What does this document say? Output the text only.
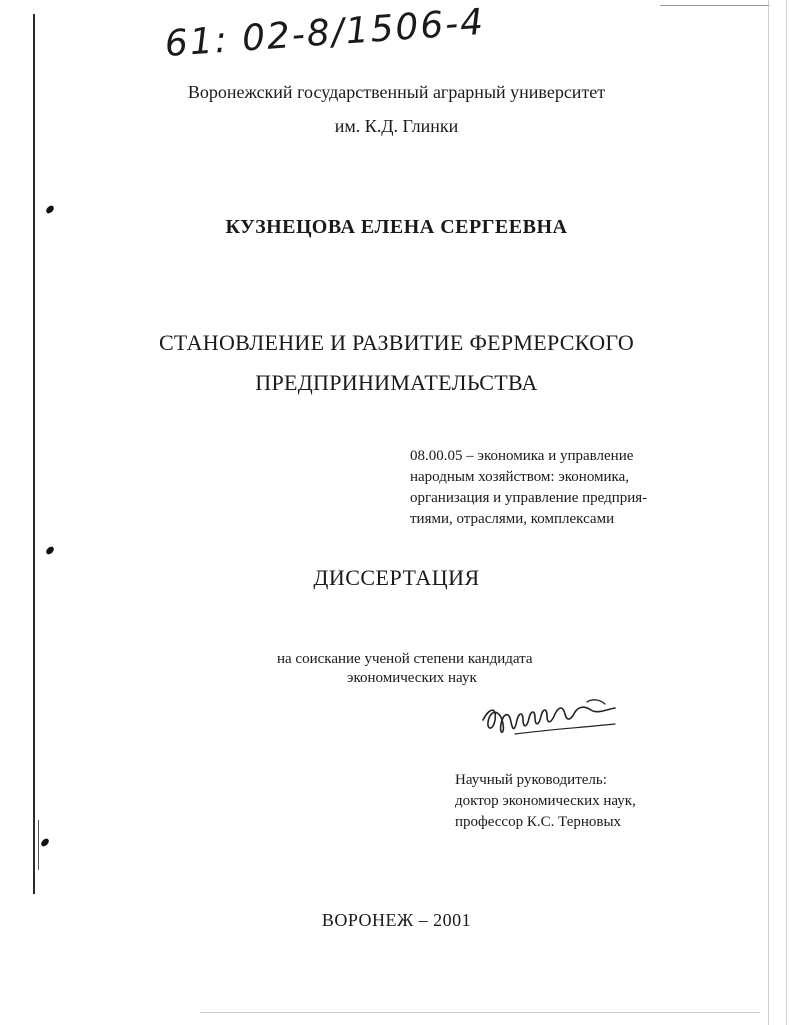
61: 02-8/1506-4
Воронежский государственный аграрный университет
им. К.Д. Глинки
КУЗНЕЦОВА ЕЛЕНА СЕРГЕЕВНА
СТАНОВЛЕНИЕ И РАЗВИТИЕ ФЕРМЕРСКОГО
ПРЕДПРИНИМАТЕЛЬСТВА
08.00.05 – экономика и управление
народным хозяйством: экономика,
организация и управление предприя-
тиями, отраслями, комплексами
ДИССЕРТАЦИЯ
на соискание ученой степени кандидата
экономических наук
Научный руководитель:
доктор экономических наук,
профессор К.С. Терновых
ВОРОНЕЖ – 2001
